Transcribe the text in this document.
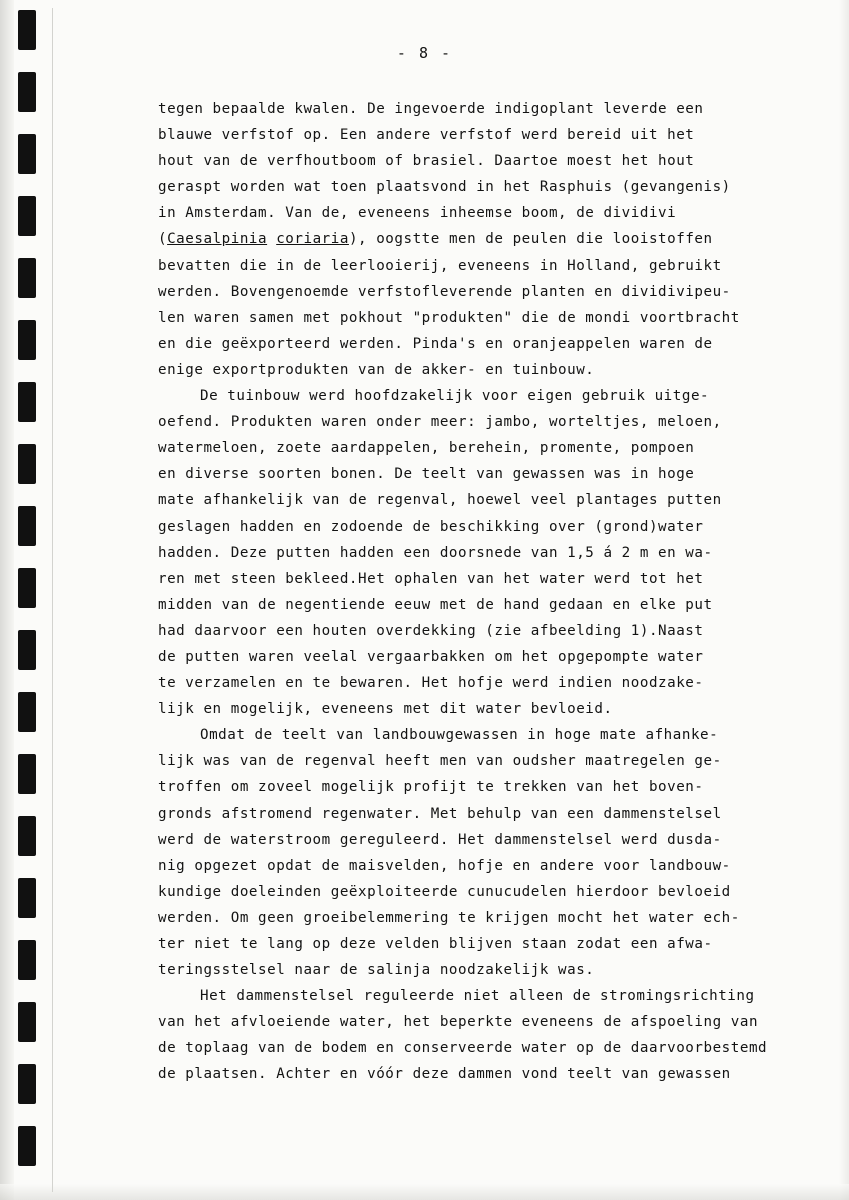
- 8 -
tegen bepaalde kwalen. De ingevoerde indigoplant leverde een
blauwe verfstof op. Een andere verfstof werd bereid uit het
hout van de verfhoutboom of brasiel. Daartoe moest het hout
geraspt worden wat toen plaatsvond in het Rasphuis (gevangenis)
in Amsterdam. Van de, eveneens inheemse boom, de dividivi
(Caesalpinia coriaria), oogstte men de peulen die looistoffen
bevatten die in de leerlooierij, eveneens in Holland, gebruikt
werden. Bovengenoemde verfstofleverende planten en dividivipeu-
len waren samen met pokhout "produkten" die de mondi voortbracht
en die geëxporteerd werden. Pinda's en oranjeappelen waren de
enige exportprodukten van de akker- en tuinbouw.
De tuinbouw werd hoofdzakelijk voor eigen gebruik uitge-
oefend. Produkten waren onder meer: jambo, worteltjes, meloen,
watermeloen, zoete aardappelen, berehein, promente, pompoen
en diverse soorten bonen. De teelt van gewassen was in hoge
mate afhankelijk van de regenval, hoewel veel plantages putten
geslagen hadden en zodoende de beschikking over (grond)water
hadden. Deze putten hadden een doorsnede van 1,5 á 2 m en wa-
ren met steen bekleed.Het ophalen van het water werd tot het
midden van de negentiende eeuw met de hand gedaan en elke put
had daarvoor een houten overdekking (zie afbeelding 1).Naast
de putten waren veelal vergaarbakken om het opgepompte water
te verzamelen en te bewaren. Het hofje werd indien noodzake-
lijk en mogelijk, eveneens met dit water bevloeid.
Omdat de teelt van landbouwgewassen in hoge mate afhanke-
lijk was van de regenval heeft men van oudsher maatregelen ge-
troffen om zoveel mogelijk profijt te trekken van het boven-
gronds afstromend regenwater. Met behulp van een dammenstelsel
werd de waterstroom gereguleerd. Het dammenstelsel werd dusda-
nig opgezet opdat de maisvelden, hofje en andere voor landbouw-
kundige doeleinden geëxploiteerde cunucudelen hierdoor bevloeid
werden. Om geen groeibelemmering te krijgen mocht het water ech-
ter niet te lang op deze velden blijven staan zodat een afwa-
teringsstelsel naar de salinja noodzakelijk was.
Het dammenstelsel reguleerde niet alleen de stromingsrichting
van het afvloeiende water, het beperkte eveneens de afspoeling van
de toplaag van de bodem en conserveerde water op de daarvoorbestemd
de plaatsen. Achter en vóór deze dammen vond teelt van gewassen
